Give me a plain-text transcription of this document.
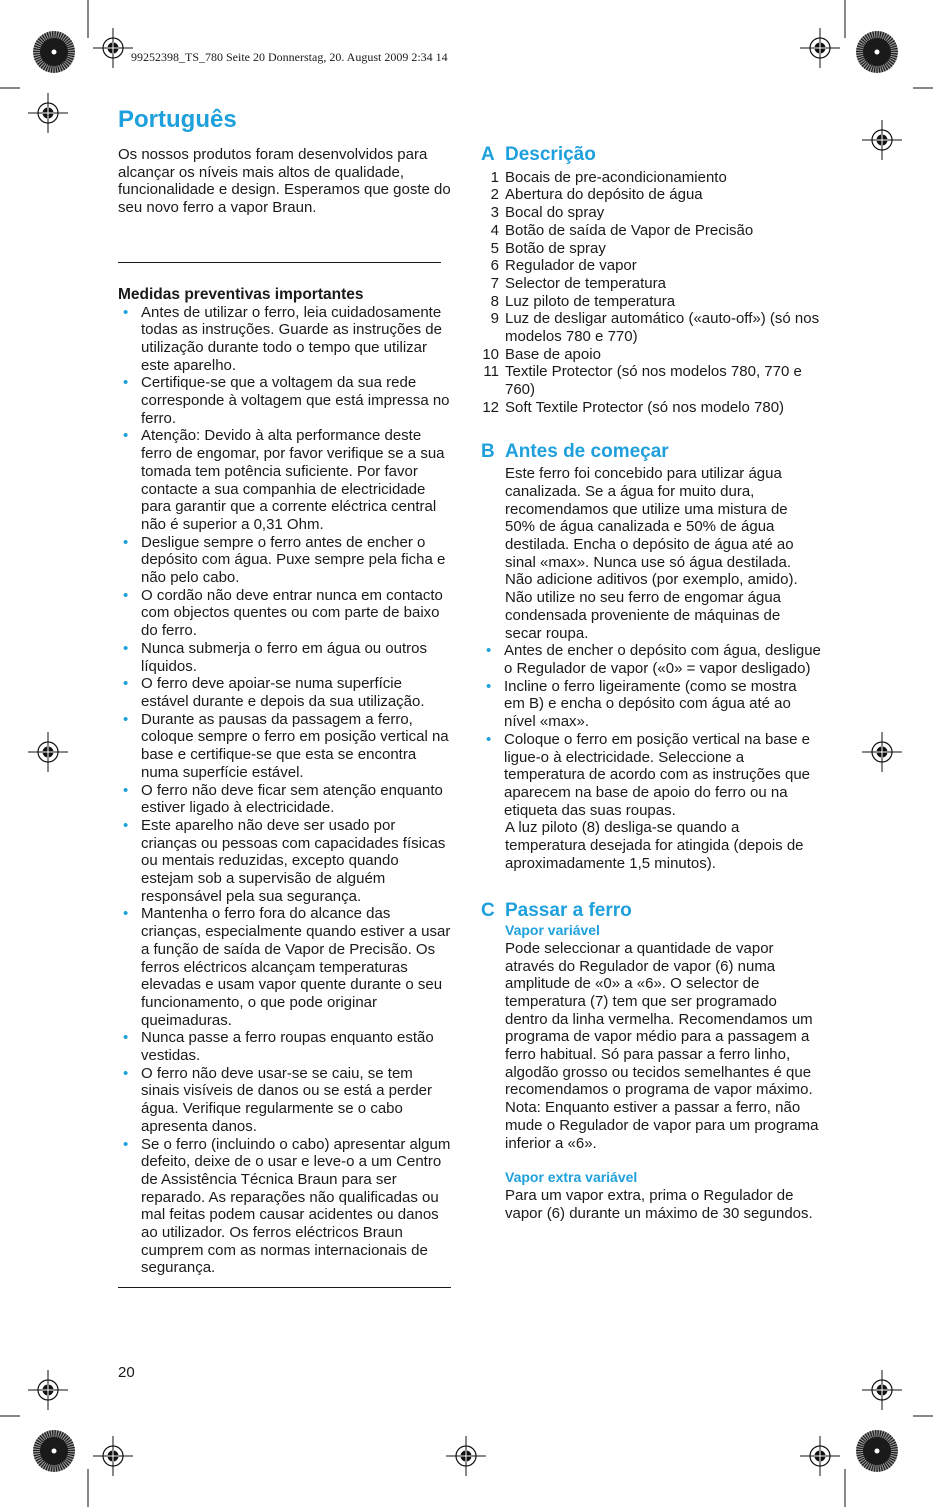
99252398_TS_780 Seite 20 Donnerstag, 20. August 2009 2:34 14
Português

Os nossos produtos foram desenvolvidos para alcançar os níveis mais altos de qualidade, funcionalidade e design. Esperamos que goste do seu novo ferro a vapor Braun.

Medidas preventivas importantes
• Antes de utilizar o ferro, leia cuidadosamente todas as instruções. Guarde as instruções de utilização durante todo o tempo que utilizar este aparelho.
• Certifique-se que a voltagem da sua rede corresponde à voltagem que está impressa no ferro.
• Atenção: Devido à alta performance deste ferro de engomar, por favor verifique se a sua tomada tem potência suficiente. Por favor contacte a sua companhia de electricidade para garantir que a corrente eléctrica central não é superior a 0,31 Ohm.
• Desligue sempre o ferro antes de encher o depósito com água. Puxe sempre pela ficha e não pelo cabo.
• O cordão não deve entrar nunca em contacto com objectos quentes ou com parte de baixo do ferro.
• Nunca submerja o ferro em água ou outros líquidos.
• O ferro deve apoiar-se numa superfície estável durante e depois da sua utilização.
• Durante as pausas da passagem a ferro, coloque sempre o ferro em posição vertical na base e certifique-se que esta se encontra numa superfície estável.
• O ferro não deve ficar sem atenção enquanto estiver ligado à electricidade.
• Este aparelho não deve ser usado por crianças ou pessoas com capacidades físicas ou mentais reduzidas, excepto quando estejam sob a supervisão de alguém responsável pela sua segurança.
• Mantenha o ferro fora do alcance das crianças, especialmente quando estiver a usar a função de saída de Vapor de Precisão. Os ferros eléctricos alcançam temperaturas elevadas e usam vapor quente durante o seu funcionamento, o que pode originar queimaduras.
• Nunca passe a ferro roupas enquanto estão vestidas.
• O ferro não deve usar-se se caiu, se tem sinais visíveis de danos ou se está a perder água. Verifique regularmente se o cabo apresenta danos.
• Se o ferro (incluindo o cabo) apresentar algum defeito, deixe de o usar e leve-o a um Centro de Assistência Técnica Braun para ser reparado. As reparações não qualificadas ou mal feitas podem causar acidentes ou danos ao utilizador. Os ferros eléctricos Braun cumprem com as normas internacionais de segurança.
20
A Descrição
1 Bocais de pre-acondicionamiento
2 Abertura do depósito de água
3 Bocal do spray
4 Botão de saída de Vapor de Precisão
5 Botão de spray
6 Regulador de vapor
7 Selector de temperatura
8 Luz piloto de temperatura
9 Luz de desligar automático («auto-off») (só nos modelos 780 e 770)
10 Base de apoio
11 Textile Protector (só nos modelos 780, 770 e 760)
12 Soft Textile Protector (só nos modelo 780)
B Antes de começar

Este ferro foi concebido para utilizar água canalizada. Se a água for muito dura, recomendamos que utilize uma mistura de 50% de água canalizada e 50% de água destilada. Encha o depósito de água até ao sinal «max». Nunca use só água destilada. Não adicione aditivos (por exemplo, amido). Não utilize no seu ferro de engomar água condensada proveniente de máquinas de secar roupa.

• Antes de encher o depósito com água, desligue o Regulador de vapor («0» = vapor desligado)
• Incline o ferro ligeiramente (como se mostra em B) e encha o depósito com água até ao nível «max».
• Coloque o ferro em posição vertical na base e ligue-o à electricidade. Seleccione a temperatura de acordo com as instruções que aparecem na base de apoio do ferro ou na etiqueta das suas roupas.

A luz piloto (8) desliga-se quando a temperatura desejada for atingida (depois de aproximadamente 1,5 minutos).

C Passar a ferro
Vapor variável

Pode seleccionar a quantidade de vapor através do Regulador de vapor (6) numa amplitude de «0» a «6». O selector de temperatura (7) tem que ser programado dentro da linha vermelha. Recomendamos um programa de vapor médio para a passagem a ferro habitual. Só para passar a ferro linho, algodão grosso ou tecidos semelhantes é que recomendamos o programa de vapor máximo.

Nota: Enquanto estiver a passar a ferro, não mude o Regulador de vapor para um programa inferior a «6».

Vapor extra variável

Para um vapor extra, prima o Regulador de vapor (6) durante un máximo de 30 segundos.
